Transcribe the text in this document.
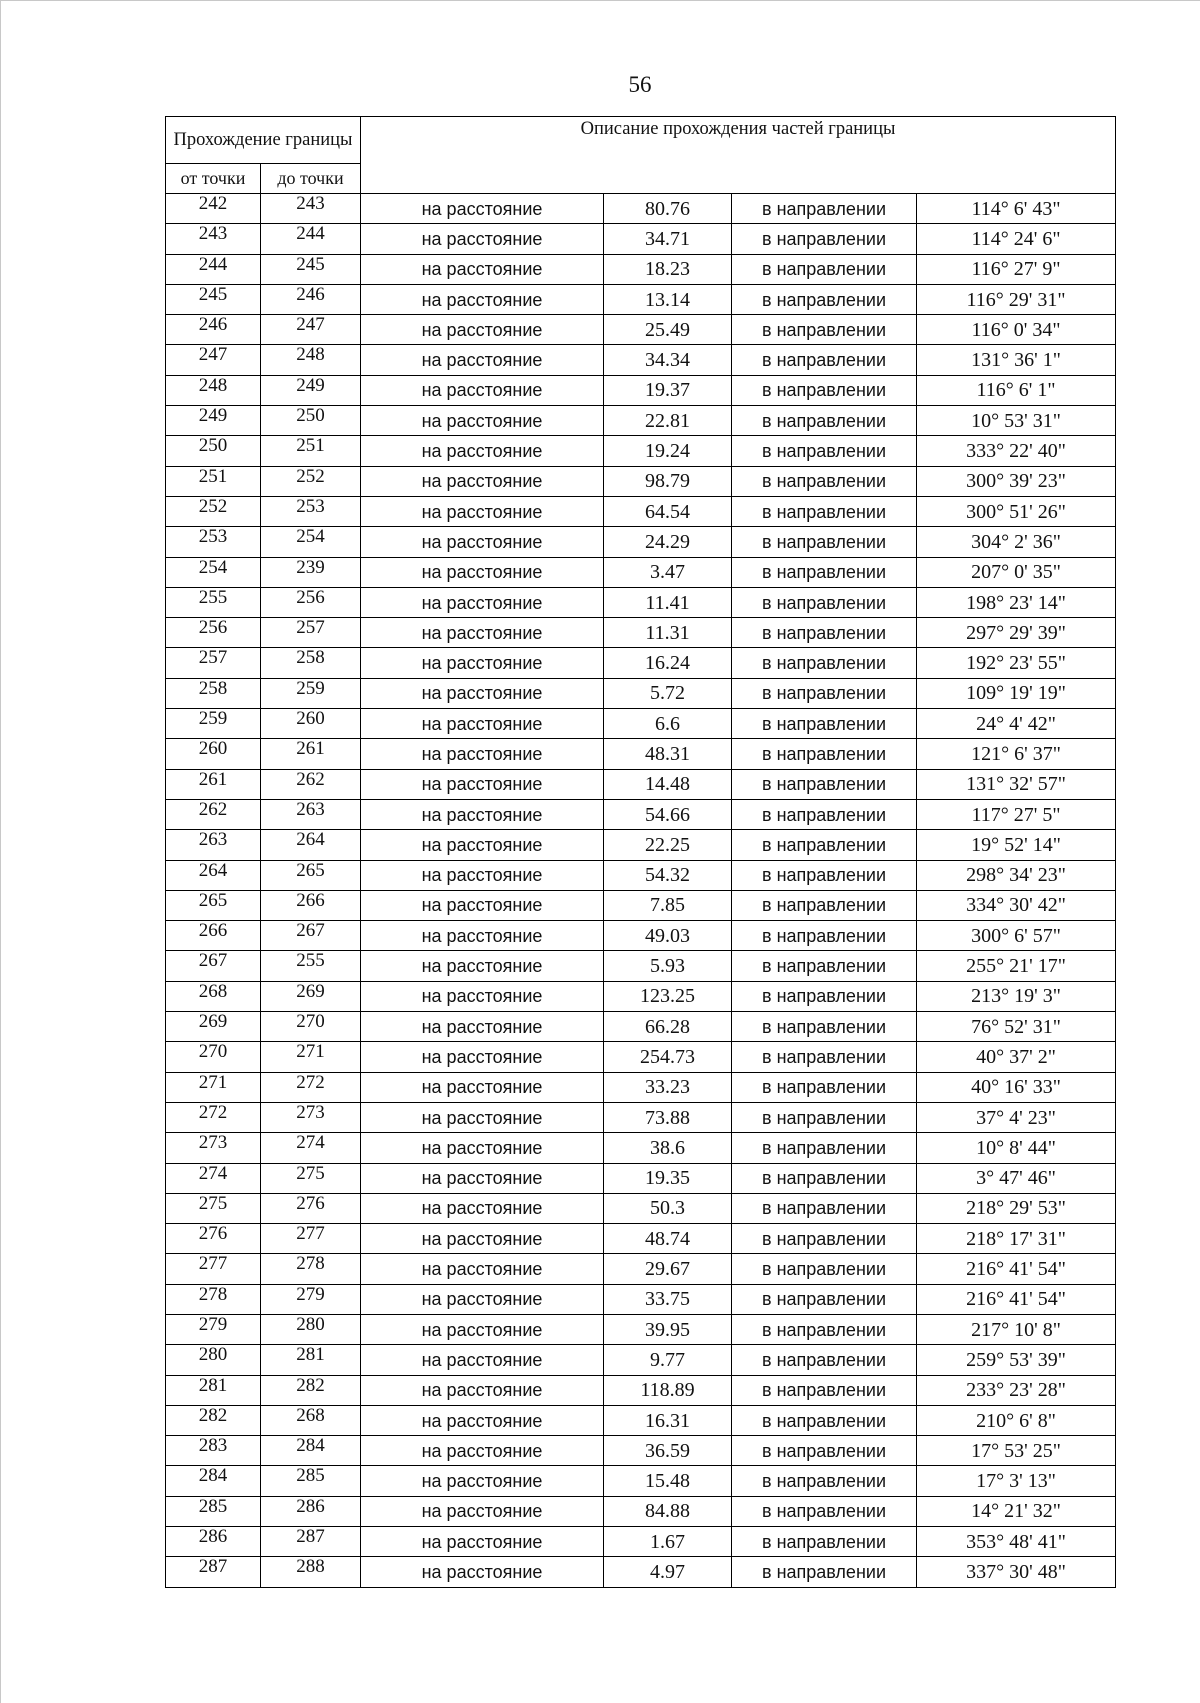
56
Прохождение границы		Описание прохождения частей границы			
от точки	до точки				
242	243	на расстояние	80.76	в направлении	114° 6' 43"
243	244	на расстояние	34.71	в направлении	114° 24' 6"
244	245	на расстояние	18.23	в направлении	116° 27' 9"
245	246	на расстояние	13.14	в направлении	116° 29' 31"
246	247	на расстояние	25.49	в направлении	116° 0' 34"
247	248	на расстояние	34.34	в направлении	131° 36' 1"
248	249	на расстояние	19.37	в направлении	116° 6' 1"
249	250	на расстояние	22.81	в направлении	10° 53' 31"
250	251	на расстояние	19.24	в направлении	333° 22' 40"
251	252	на расстояние	98.79	в направлении	300° 39' 23"
252	253	на расстояние	64.54	в направлении	300° 51' 26"
253	254	на расстояние	24.29	в направлении	304° 2' 36"
254	239	на расстояние	3.47	в направлении	207° 0' 35"
255	256	на расстояние	11.41	в направлении	198° 23' 14"
256	257	на расстояние	11.31	в направлении	297° 29' 39"
257	258	на расстояние	16.24	в направлении	192° 23' 55"
258	259	на расстояние	5.72	в направлении	109° 19' 19"
259	260	на расстояние	6.6	в направлении	24° 4' 42"
260	261	на расстояние	48.31	в направлении	121° 6' 37"
261	262	на расстояние	14.48	в направлении	131° 32' 57"
262	263	на расстояние	54.66	в направлении	117° 27' 5"
263	264	на расстояние	22.25	в направлении	19° 52' 14"
264	265	на расстояние	54.32	в направлении	298° 34' 23"
265	266	на расстояние	7.85	в направлении	334° 30' 42"
266	267	на расстояние	49.03	в направлении	300° 6' 57"
267	255	на расстояние	5.93	в направлении	255° 21' 17"
268	269	на расстояние	123.25	в направлении	213° 19' 3"
269	270	на расстояние	66.28	в направлении	76° 52' 31"
270	271	на расстояние	254.73	в направлении	40° 37' 2"
271	272	на расстояние	33.23	в направлении	40° 16' 33"
272	273	на расстояние	73.88	в направлении	37° 4' 23"
273	274	на расстояние	38.6	в направлении	10° 8' 44"
274	275	на расстояние	19.35	в направлении	3° 47' 46"
275	276	на расстояние	50.3	в направлении	218° 29' 53"
276	277	на расстояние	48.74	в направлении	218° 17' 31"
277	278	на расстояние	29.67	в направлении	216° 41' 54"
278	279	на расстояние	33.75	в направлении	216° 41' 54"
279	280	на расстояние	39.95	в направлении	217° 10' 8"
280	281	на расстояние	9.77	в направлении	259° 53' 39"
281	282	на расстояние	118.89	в направлении	233° 23' 28"
282	268	на расстояние	16.31	в направлении	210° 6' 8"
283	284	на расстояние	36.59	в направлении	17° 53' 25"
284	285	на расстояние	15.48	в направлении	17° 3' 13"
285	286	на расстояние	84.88	в направлении	14° 21' 32"
286	287	на расстояние	1.67	в направлении	353° 48' 41"
287	288	на расстояние	4.97	в направлении	337° 30' 48"
